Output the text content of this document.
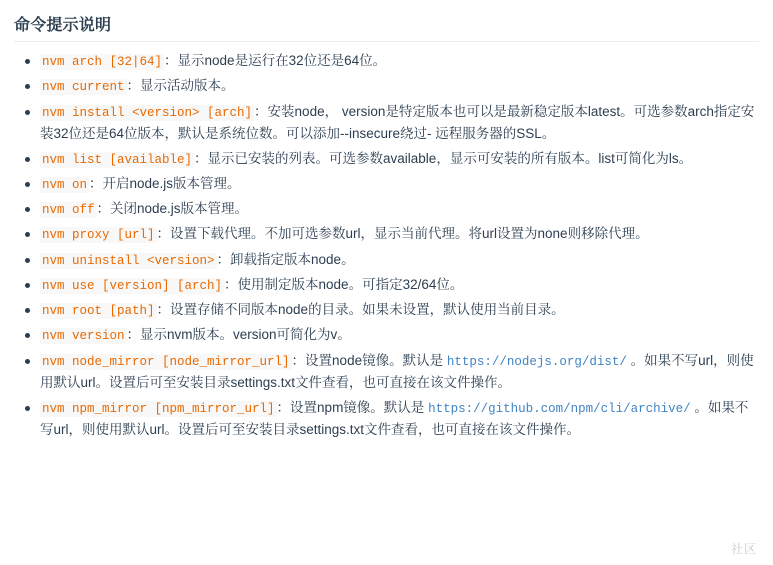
命令提示说明
nvm arch [32|64] ：显示node是运行在32位还是64位。
nvm current ：显示活动版本。
nvm install <version> [arch] ：安装node， version是特定版本也可以是最新稳定版本latest。可选参数arch指定安装32位还是64位版本，默认是系统位数。可以添加--insecure绕过- 远程服务器的SSL。
nvm list [available] ：显示已安装的列表。可选参数available，显示可安装的所有版本。list可简化为ls。
nvm on ：开启node.js版本管理。
nvm off ：关闭node.js版本管理。
nvm proxy [url] ：设置下载代理。不加可选参数url，显示当前代理。将url设置为none则移除代理。
nvm uninstall <version> ：卸载指定版本node。
nvm use [version] [arch] ：使用制定版本node。可指定32/64位。
nvm root [path] ：设置存储不同版本node的目录。如果未设置，默认使用当前目录。
nvm version ：显示nvm版本。version可简化为v。
nvm node_mirror [node_mirror_url] ：设置node镜像。默认是 https://nodejs.org/dist/ 。如果不写url，则使用默认url。设置后可至安装目录settings.txt文件查看，也可直接在该文件操作。
nvm npm_mirror [npm_mirror_url] ：设置npm镜像。默认是 https://github.com/npm/cli/archive/ 。如果不写url，则使用默认url。设置后可至安装目录settings.txt文件查看，也可直接在该文件操作。
社区
